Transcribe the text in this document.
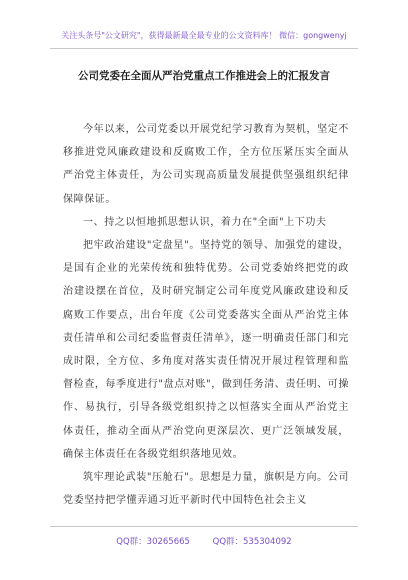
关注头条号"公文研究"，获得最新最全最专业的公文资料库！ 微信：gongwenyj
公司党委在全面从严治党重点工作推进会上的汇报发言

今年以来，公司党委以开展党纪学习教育为契机，坚定不移推进党风廉政建设和反腐败工作，全方位压紧压实全面从严治党主体责任，为公司实现高质量发展提供坚强组织纪律保障保证。

一、持之以恒地抓思想认识，着力在"全面"上下功夫

把牢政治建设"定盘星"。坚持党的领导、加强党的建设，是国有企业的光荣传统和独特优势。公司党委始终把党的政治建设摆在首位，及时研究制定公司年度党风廉政建设和反腐败工作要点，出台年度《公司党委落实全面从严治党主体责任清单和公司纪委监督责任清单》，逐一明确责任部门和完成时限，全方位、多角度对落实责任情况开展过程管理和监督检查，每季度进行"盘点对账"，做到任务清、责任明、可操作、易执行，引导各级党组织持之以恒落实全面从严治党主体责任，推动全面从严治党向更深层次、更广泛领域发展，确保主体责任在各级党组织落地见效。

筑牢理论武装"压舱石"。思想是力量，旗帜是方向。公司党委坚持把学懂弄通习近平新时代中国特色社会主义

QQ群：30265665	QQ群：535304092
